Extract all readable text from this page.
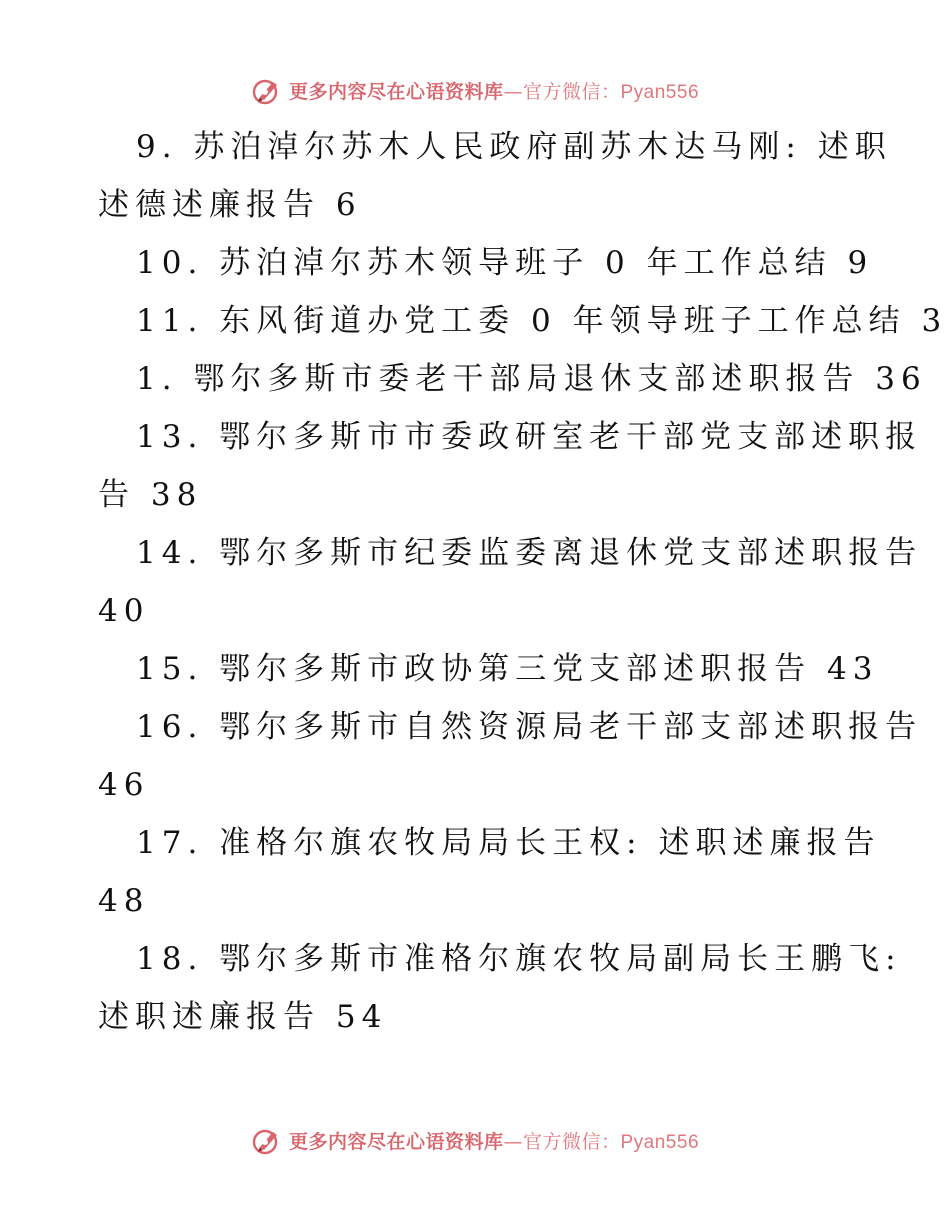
更多内容尽在心语资料库—官方微信：Pyan556
9. 苏泊淖尔苏木人民政府副苏木达马刚: 述职
述德述廉报告 6
10. 苏泊淖尔苏木领导班子 0 年工作总结 9
11. 东风街道办党工委 0 年领导班子工作总结 3
1. 鄂尔多斯市委老干部局退休支部述职报告 36
13. 鄂尔多斯市市委政研室老干部党支部述职报
告 38
14. 鄂尔多斯市纪委监委离退休党支部述职报告
40
15. 鄂尔多斯市政协第三党支部述职报告 43
16. 鄂尔多斯市自然资源局老干部支部述职报告
46
17. 准格尔旗农牧局局长王权: 述职述廉报告
48
18. 鄂尔多斯市准格尔旗农牧局副局长王鹏飞:
述职述廉报告 54
更多内容尽在心语资料库—官方微信：Pyan556
